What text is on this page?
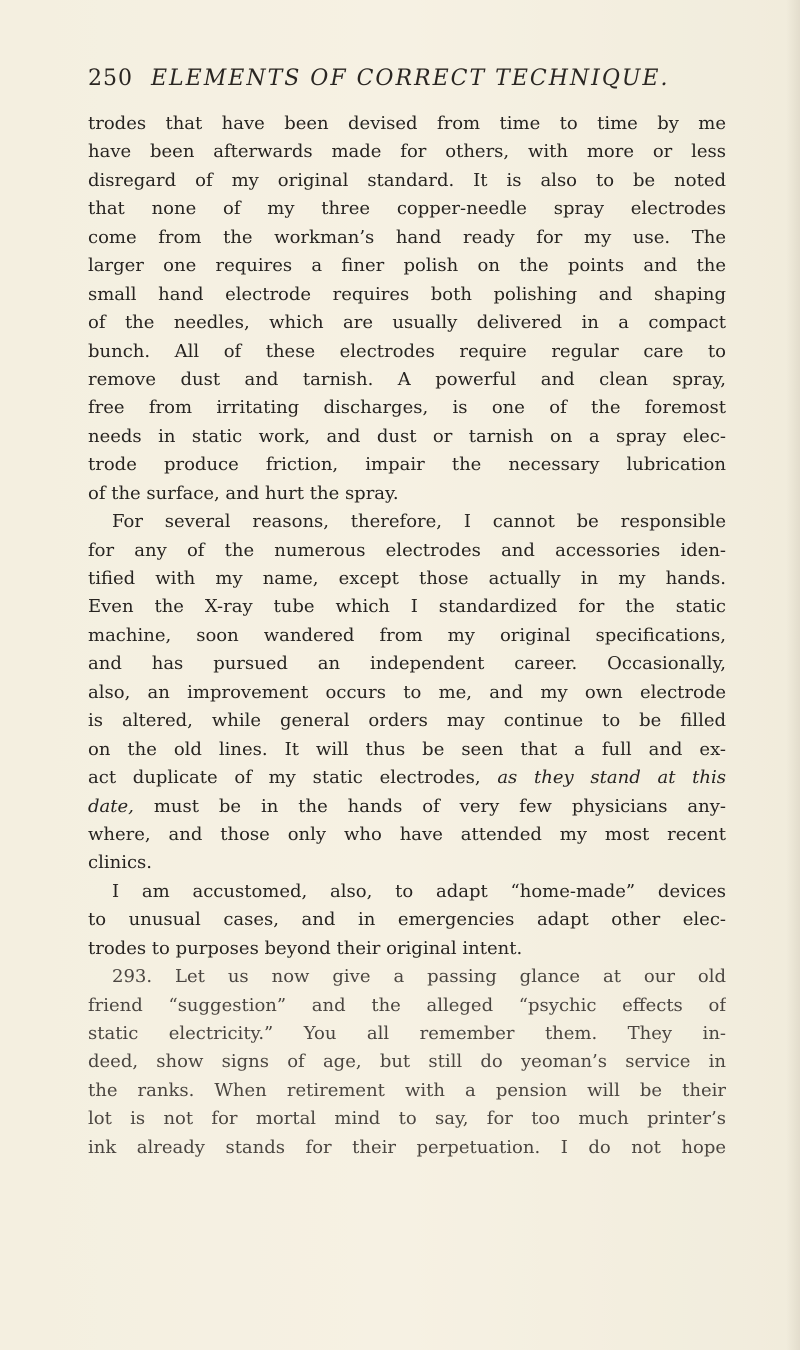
250 ELEMENTS OF CORRECT TECHNIQUE.
trodes that have been devised from time to time by me
have been afterwards made for others, with more or less
disregard of my original standard. It is also to be noted
that none of my three copper-needle spray electrodes
come from the workman’s hand ready for my use. The
larger one requires a finer polish on the points and the
small hand electrode requires both polishing and shaping
of the needles, which are usually delivered in a compact
bunch. All of these electrodes require regular care to
remove dust and tarnish. A powerful and clean spray,
free from irritating discharges, is one of the foremost
needs in static work, and dust or tarnish on a spray elec-
trode produce friction, impair the necessary lubrication
of the surface, and hurt the spray.
For several reasons, therefore, I cannot be responsible
for any of the numerous electrodes and accessories iden-
tified with my name, except those actually in my hands.
Even the X-ray tube which I standardized for the static
machine, soon wandered from my original specifications,
and has pursued an independent career. Occasionally,
also, an improvement occurs to me, and my own electrode
is altered, while general orders may continue to be filled
on the old lines. It will thus be seen that a full and ex-
act duplicate of my static electrodes, as they stand at this
date, must be in the hands of very few physicians any-
where, and those only who have attended my most recent
clinics.
I am accustomed, also, to adapt “home-made” devices
to unusual cases, and in emergencies adapt other elec-
trodes to purposes beyond their original intent.
293. Let us now give a passing glance at our old
friend “suggestion” and the alleged “psychic effects of
static electricity.” You all remember them. They in-
deed, show signs of age, but still do yeoman’s service in
the ranks. When retirement with a pension will be their
lot is not for mortal mind to say, for too much printer’s
ink already stands for their perpetuation. I do not hope
